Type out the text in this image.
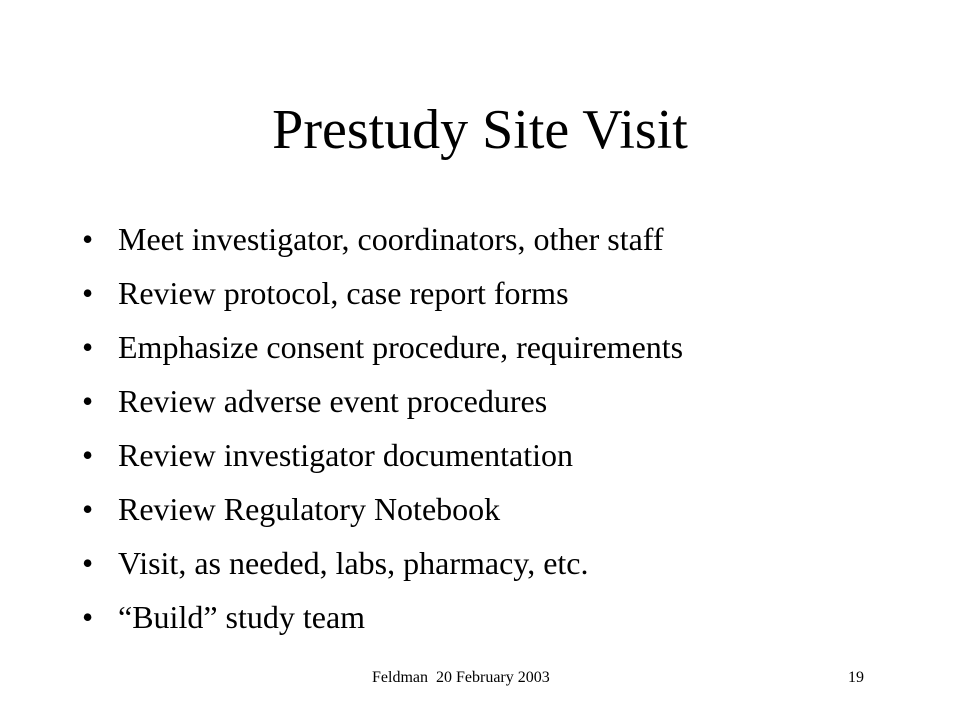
Prestudy Site Visit
• Meet investigator, coordinators, other staff
• Review protocol, case report forms
• Emphasize consent procedure, requirements
• Review adverse event procedures
• Review investigator documentation
• Review Regulatory Notebook
• Visit, as needed, labs, pharmacy, etc.
• “Build” study team
Feldman  20 February 2003	19
